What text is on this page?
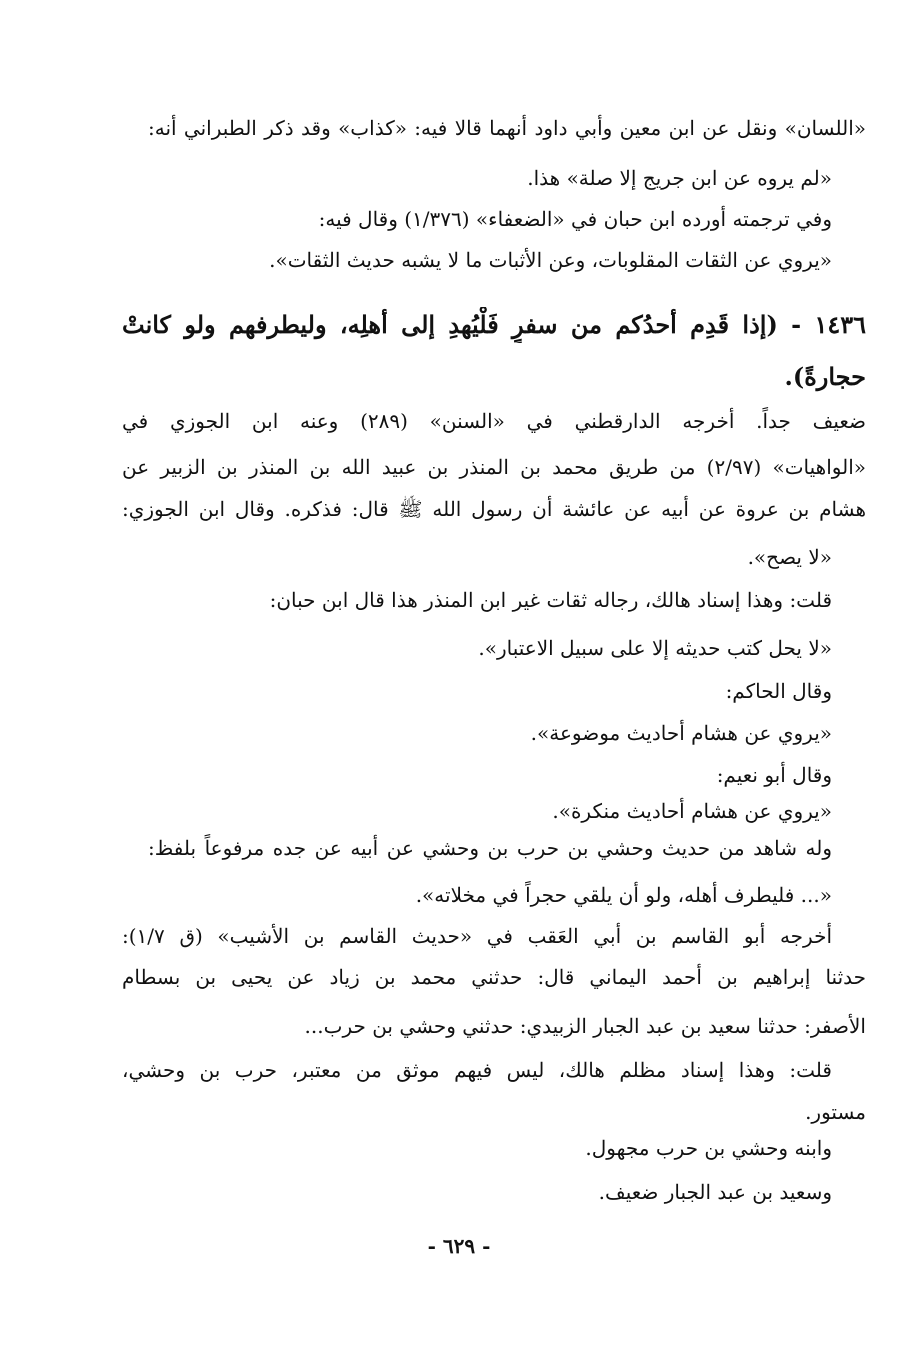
«اللسان» ونقل عن ابن معين وأبي داود أنهما قالا فيه: «كذاب» وقد ذكر الطبراني أنه:
«لم يروه عن ابن جريج إلا صلة» هذا.
وفي ترجمته أورده ابن حبان في «الضعفاء» (١/٣٧٦) وقال فيه:
«يروي عن الثقات المقلوبات، وعن الأثبات ما لا يشبه حديث الثقات».
١٤٣٦ - (إذا قَدِم أحدُكم من سفرٍ فَلْيُهدِ إلى أهلِه، وليطرفهم ولو كانتْ
حجارةً).
ضعيف جداً. أخرجه الدارقطني في «السنن» (٢٨٩) وعنه ابن الجوزي في
«الواهيات» (٢/٩٧) من طريق محمد بن المنذر بن عبيد الله بن المنذر بن الزبير عن
هشام بن عروة عن أبيه عن عائشة أن رسول الله ﷺ قال: فذكره. وقال ابن الجوزي:
«لا يصح».
قلت: وهذا إسناد هالك، رجاله ثقات غير ابن المنذر هذا قال ابن حبان:
«لا يحل كتب حديثه إلا على سبيل الاعتبار».
وقال الحاكم:
«يروي عن هشام أحاديث موضوعة».
وقال أبو نعيم:
«يروي عن هشام أحاديث منكرة».
وله شاهد من حديث وحشي بن حرب بن وحشي عن أبيه عن جده مرفوعاً بلفظ:
«... فليطرف أهله، ولو أن يلقي حجراً في مخلاته».
أخرجه أبو القاسم بن أبي العَقب في «حديث القاسم بن الأشيب» (ق ١/٧):
حدثنا إبراهيم بن أحمد اليماني قال: حدثني محمد بن زياد عن يحيى بن بسطام
الأصفر: حدثنا سعيد بن عبد الجبار الزبيدي: حدثني وحشي بن حرب...
قلت: وهذا إسناد مظلم هالك، ليس فيهم موثق من معتبر، حرب بن وحشي،
مستور.
وابنه وحشي بن حرب مجهول.
وسعيد بن عبد الجبار ضعيف.
- ٦٢٩ -
